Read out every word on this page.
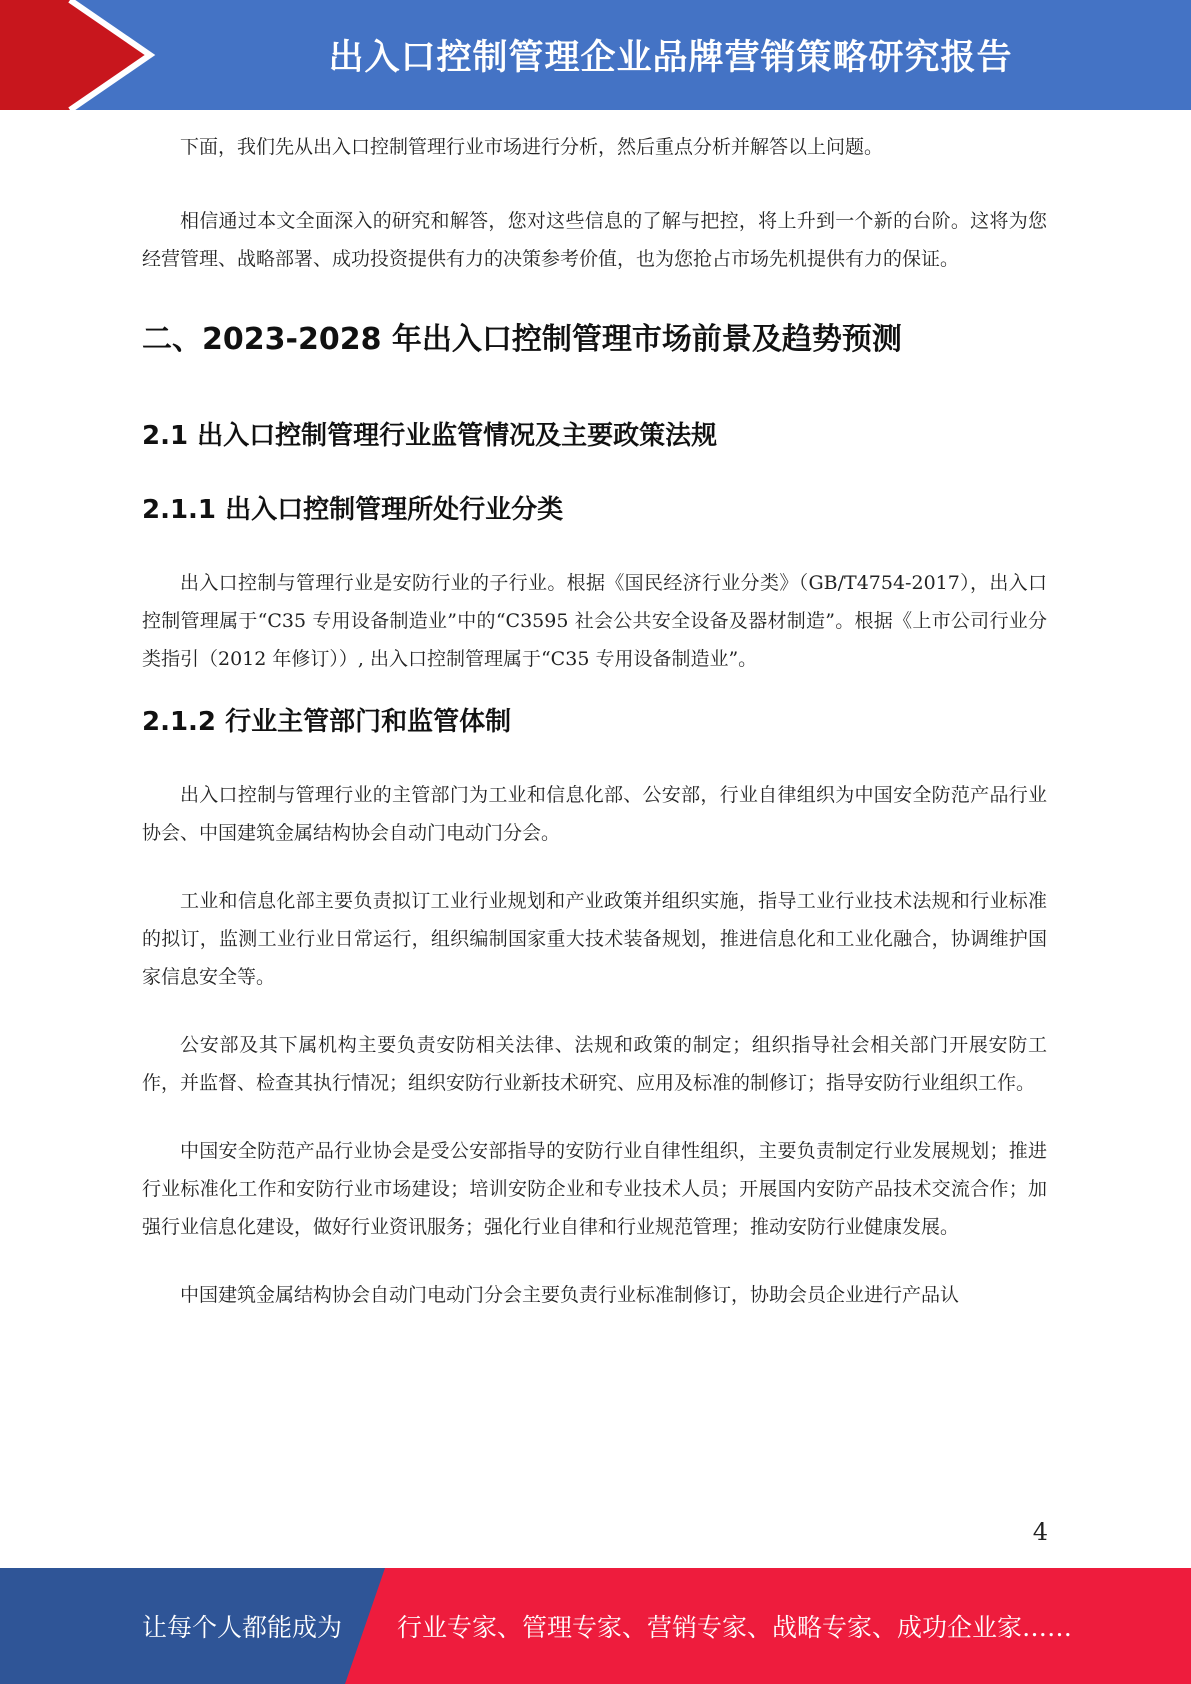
出入口控制管理企业品牌营销策略研究报告

下面，我们先从出入口控制管理行业市场进行分析，然后重点分析并解答以上问题。

相信通过本文全面深入的研究和解答，您对这些信息的了解与把控，将上升到一个新的台阶。这将为您经营管理、战略部署、成功投资提供有力的决策参考价值，也为您抢占市场先机提供有力的保证。

二、2023-2028 年出入口控制管理市场前景及趋势预测
2.1 出入口控制管理行业监管情况及主要政策法规
2.1.1 出入口控制管理所处行业分类

出入口控制与管理行业是安防行业的子行业。根据《国民经济行业分类》（GB/T4754-2017），出入口控制管理属于“C35 专用设备制造业”中的“C3595 社会公共安全设备及器材制造”。根据《上市公司行业分类指引（2012 年修订））, 出入口控制管理属于“C35 专用设备制造业”。

2.1.2 行业主管部门和监管体制

出入口控制与管理行业的主管部门为工业和信息化部、公安部，行业自律组织为中国安全防范产品行业协会、中国建筑金属结构协会自动门电动门分会。

工业和信息化部主要负责拟订工业行业规划和产业政策并组织实施，指导工业行业技术法规和行业标准的拟订，监测工业行业日常运行，组织编制国家重大技术装备规划，推进信息化和工业化融合，协调维护国家信息安全等。

公安部及其下属机构主要负责安防相关法律、法规和政策的制定；组织指导社会相关部门开展安防工作，并监督、检查其执行情况；组织安防行业新技术研究、应用及标准的制修订；指导安防行业组织工作。

中国安全防范产品行业协会是受公安部指导的安防行业自律性组织，主要负责制定行业发展规划；推进行业标准化工作和安防行业市场建设；培训安防企业和专业技术人员；开展国内安防产品技术交流合作；加强行业信息化建设，做好行业资讯服务；强化行业自律和行业规范管理；推动安防行业健康发展。

中国建筑金属结构协会自动门电动门分会主要负责行业标准制修订，协助会员企业进行产品认

4
让每个人都能成为 行业专家、管理专家、营销专家、战略专家、成功企业家……
